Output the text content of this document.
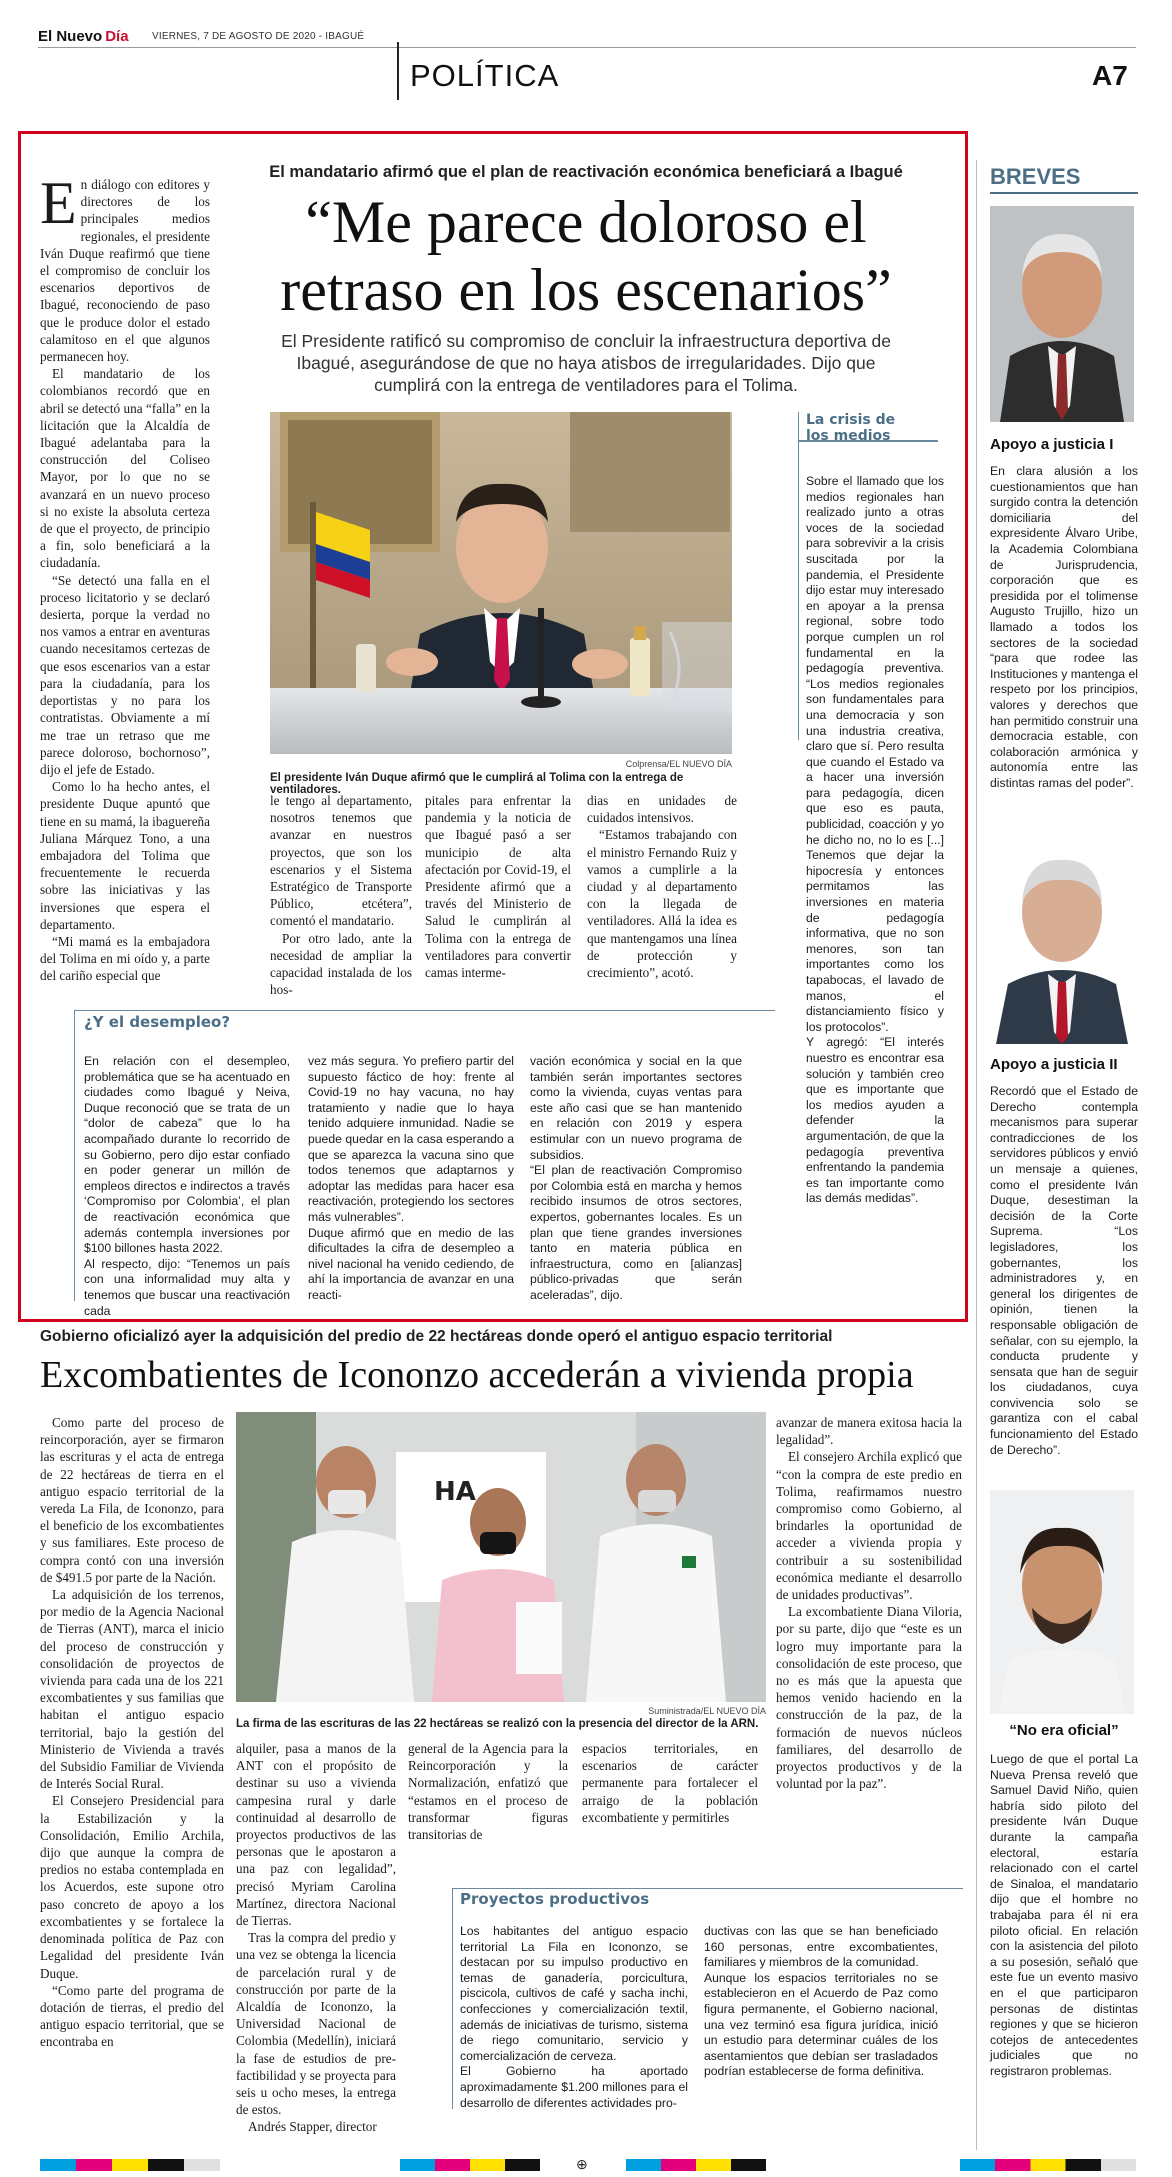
El Nuevo Día VIERNES, 7 DE AGOSTO DE 2020 - IBAGUÉ
POLÍTICA	A7
El mandatario afirmó que el plan de reactivación económica beneficiará a Ibagué
“Me parece doloroso el
retraso en los escenarios”
El Presidente ratificó su compromiso de concluir la infraestructura deportiva de Ibagué, asegurándose de que no haya atisbos de irregularidades. Dijo que cumplirá con la entrega de ventiladores para el Tolima.

En diálogo con editores y directores de los principales medios regionales, el presidente Iván Duque reafirmó que tiene el compromiso de concluir los escenarios deportivos de Ibagué, reconociendo de paso que le produce dolor el estado calamitoso en el que algunos permanecen hoy.

El mandatario de los colombianos recordó que en abril se detectó una “falla” en la licitación que la Alcaldía de Ibagué adelantaba para la construcción del Coliseo Mayor, por lo que no se avanzará en un nuevo proceso si no existe la absoluta certeza de que el proyecto, de principio a fin, solo beneficiará a la ciudadanía.

“Se detectó una falla en el proceso licitatorio y se declaró desierta, porque la verdad no nos vamos a entrar en aventuras cuando necesitamos certezas de que esos escenarios van a estar para la ciudadanía, para los deportistas y no para los contratistas. Obviamente a mí me trae un retraso que me parece doloroso, bochornoso”, dijo el jefe de Estado.

Como lo ha hecho antes, el presidente Duque apuntó que tiene en su mamá, la ibaguereña Juliana Márquez Tono, a una embajadora del Tolima que frecuentemente le recuerda sobre las iniciativas y las inversiones que espera el departamento.

“Mi mamá es la embajadora del Tolima en mi oído y, a parte del cariño especial que

Colprensa/EL NUEVO DÍA
El presidente Iván Duque afirmó que le cumplirá al Tolima con la entrega de ventiladores.

le tengo al departamento, nosotros tenemos que avanzar en nuestros proyectos, que son los escenarios y el Sistema Estratégico de Transporte Público, etcétera”, comentó el mandatario.

Por otro lado, ante la necesidad de ampliar la capacidad instalada de los hos-

pitales para enfrentar la pandemia y la noticia de que Ibagué pasó a ser municipio de alta afectación por Covid-19, el Presidente afirmó que a través del Ministerio de Salud le cumplirán al Tolima con la entrega de ventiladores para convertir camas interme-

dias en unidades de cuidados intensivos.

“Estamos trabajando con el ministro Fernando Ruiz y vamos a cumplirle a la ciudad y al departamento con la llegada de ventiladores. Allá la idea es que mantengamos una línea de protección y crecimiento”, acotó.

La crisis de
los medios

Sobre el llamado que los medios regionales han realizado junto a otras voces de la sociedad para sobrevivir a la crisis suscitada por la pandemia, el Presidente dijo estar muy interesado en apoyar a la prensa regional, sobre todo porque cumplen un rol fundamental en la pedagogía preventiva. “Los medios regionales son fundamentales para una democracia y son una industria creativa, claro que sí. Pero resulta que cuando el Estado va a hacer una inversión para pedagogía, dicen que eso es pauta, publicidad, coacción y yo he dicho no, no lo es [...] Tenemos que dejar la hipocresía y entonces permitamos las inversiones en materia de pedagogía informativa, que no son menores, son tan importantes como los tapabocas, el lavado de manos, el distanciamiento físico y los protocolos”.

Y agregó: “El interés nuestro es encontrar esa solución y también creo que es importante que los medios ayuden a defender la argumentación, de que la pedagogía preventiva enfrentando la pandemia es tan importante como las demás medidas”.

¿Y el desempleo?

En relación con el desempleo, problemática que se ha acentuado en ciudades como Ibagué y Neiva, Duque reconoció que se trata de un “dolor de cabeza” que lo ha acompañado durante lo recorrido de su Gobierno, pero dijo estar confiado en poder generar un millón de empleos directos e indirectos a través ‘Compromiso por Colombia’, el plan de reactivación económica que además contempla inversiones por $100 billones hasta 2022.

Al respecto, dijo: “Tenemos un país con una informalidad muy alta y tenemos que buscar una reactivación cada

vez más segura. Yo prefiero partir del supuesto fáctico de hoy: frente al Covid-19 no hay vacuna, no hay tratamiento y nadie que lo haya tenido adquiere inmunidad. Nadie se puede quedar en la casa esperando a que se aparezca la vacuna sino que todos tenemos que adaptarnos y adoptar las medidas para hacer esa reactivación, protegiendo los sectores más vulnerables”.

Duque afirmó que en medio de las dificultades la cifra de desempleo a nivel nacional ha venido cediendo, de ahí la importancia de avanzar en una reacti-

vación económica y social en la que también serán importantes sectores como la vivienda, cuyas ventas para este año casi que se han mantenido en relación con 2019 y espera estimular con un nuevo programa de subsidios.

“El plan de reactivación Compromiso por Colombia está en marcha y hemos recibido insumos de otros sectores, expertos, gobernantes locales. Es un plan que tiene grandes inversiones tanto en materia pública en infraestructura, como en [alianzas] público-privadas que serán aceleradas”, dijo.

BREVES
Apoyo a justicia I
En clara alusión a los cuestionamientos que han surgido contra la detención domiciliaria del expresidente Álvaro Uribe, la Academia Colombiana de Jurisprudencia, corporación que es presidida por el tolimense Augusto Trujillo, hizo un llamado a todos los sectores de la sociedad “para que rodee las Instituciones y mantenga el respeto por los principios, valores y derechos que han permitido construir una democracia estable, con colaboración armónica y autonomía entre las distintas ramas del poder”.
Apoyo a justicia II
Recordó que el Estado de Derecho contempla mecanismos para superar contradicciones de los servidores públicos y envió un mensaje a quienes, como el presidente Iván Duque, desestiman la decisión de la Corte Suprema. “Los legisladores, los gobernantes, los administradores y, en general los dirigentes de opinión, tienen la responsable obligación de señalar, con su ejemplo, la conducta prudente y sensata que han de seguir los ciudadanos, cuya convivencia solo se garantiza con el cabal funcionamiento del Estado de Derecho”.
“No era oficial”
Luego de que el portal La Nueva Prensa reveló que Samuel David Niño, quien habría sido piloto del presidente Iván Duque durante la campaña electoral, estaría relacionado con el cartel de Sinaloa, el mandatario dijo que el hombre no trabajaba para él ni era piloto oficial. En relación con la asistencia del piloto a su posesión, señaló que este fue un evento masivo en el que participaron personas de distintas regiones y que se hicieron cotejos de antecedentes judiciales que no registraron problemas.
Gobierno oficializó ayer la adquisición del predio de 22 hectáreas donde operó el antiguo espacio territorial
Excombatientes de Icononzo accederán a vivienda propia

Como parte del proceso de reincorporación, ayer se firmaron las escrituras y el acta de entrega de 22 hectáreas de tierra en el antiguo espacio territorial de la vereda La Fila, de Icononzo, para el beneficio de los excombatientes y sus familiares. Este proceso de compra contó con una inversión de $491.5 por parte de la Nación.

La adquisición de los terrenos, por medio de la Agencia Nacional de Tierras (ANT), marca el inicio del proceso de construcción y consolidación de proyectos de vivienda para cada una de los 221 excombatientes y sus familias que habitan el antiguo espacio territorial, bajo la gestión del Ministerio de Vivienda a través del Subsidio Familiar de Vivienda de Interés Social Rural.

El Consejero Presidencial para la Estabilización y la Consolidación, Emilio Archila, dijo que aunque la compra de predios no estaba contemplada en los Acuerdos, este supone otro paso concreto de apoyo a los excombatientes y se fortalece la denominada política de Paz con Legalidad del presidente Iván Duque.

“Como parte del programa de dotación de tierras, el predio del antiguo espacio territorial, que se encontraba en

HA
Suministrada/EL NUEVO DÍA
La firma de las escrituras de las 22 hectáreas se realizó con la presencia del director de la ARN.

alquiler, pasa a manos de la ANT con el propósito de destinar su uso a vivienda campesina rural y darle continuidad al desarrollo de proyectos productivos de las personas que le apostaron a una paz con legalidad”, precisó Myriam Carolina Martínez, directora Nacional de Tierras.

Tras la compra del predio y una vez se obtenga la licencia de parcelación rural y de construcción por parte de la Alcaldía de Icononzo, la Universidad Nacional de Colombia (Medellín), iniciará la fase de estudios de pre-factibilidad y se proyecta para seis u ocho meses, la entrega de estos.

Andrés Stapper, director

general de la Agencia para la Reincorporación y la Normalización, enfatizó que “estamos en el proceso de transformar figuras transitorias de

espacios territoriales, en escenarios de carácter permanente para fortalecer el arraigo de la población excombatiente y permitirles

avanzar de manera exitosa hacia la legalidad”.

El consejero Archila explicó que “con la compra de este predio en Tolima, reafirmamos nuestro compromiso como Gobierno, al brindarles la oportunidad de acceder a vivienda propia y contribuir a su sostenibilidad económica mediante el desarrollo de unidades productivas”.

La excombatiente Diana Viloria, por su parte, dijo que “este es un logro muy importante para la consolidación de este proceso, que no es más que la apuesta que hemos venido haciendo en la construcción de la paz, de la formación de nuevos núcleos familiares, del desarrollo de proyectos productivos y de la voluntad por la paz”.

Proyectos productivos

Los habitantes del antiguo espacio territorial La Fila en Icononzo, se destacan por su impulso productivo en temas de ganadería, porcicultura, piscicola, cultivos de café y sacha inchi, confecciones y comercialización textil, además de iniciativas de turismo, sistema de riego comunitario, servicio y comercialización de cerveza.

El Gobierno ha aportado aproximadamente $1.200 millones para el desarrollo de diferentes actividades pro-

ductivas con las que se han beneficiado 160 personas, entre excombatientes, familiares y miembros de la comunidad.

Aunque los espacios territoriales no se establecieron en el Acuerdo de Paz como figura permanente, el Gobierno nacional, una vez terminó esa figura jurídica, inició un estudio para determinar cuáles de los asentamientos que debían ser trasladados podrían establecerse de forma definitiva.

⊕
